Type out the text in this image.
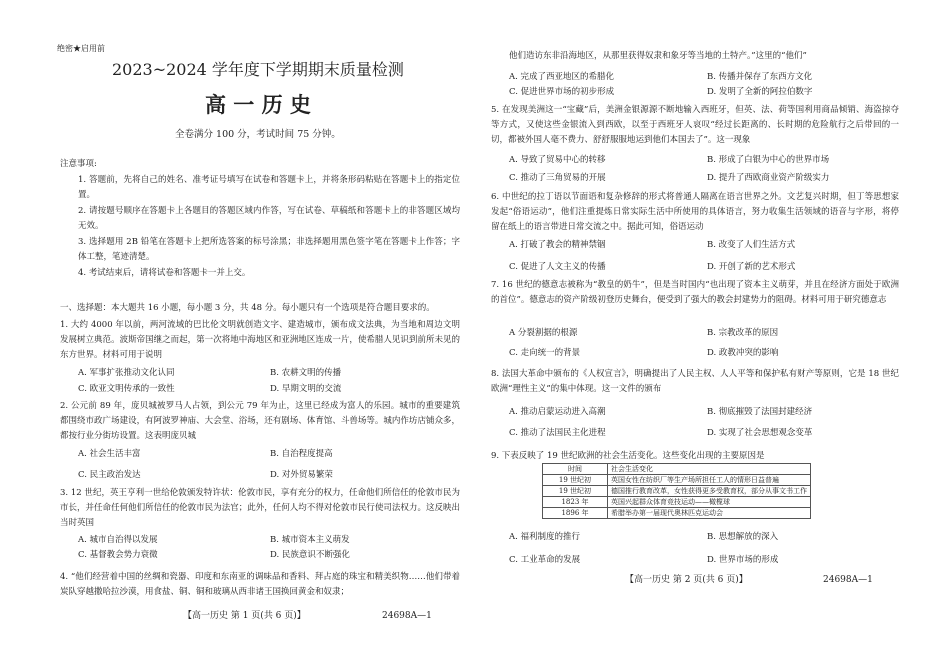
绝密★启用前
2023~2024 学年度下学期期末质量检测
高 一 历 史
全卷满分 100 分，考试时间 75 分钟。
注意事项:
1. 答题前，先将自己的姓名、准考证号填写在试卷和答题卡上，并将条形码粘贴在答题卡上的指定位置。
2. 请按题号顺序在答题卡上各题目的答题区域内作答，写在试卷、草稿纸和答题卡上的非答题区域均无效。
3. 选择题用 2B 铅笔在答题卡上把所选答案的标号涂黑；非选择题用黑色签字笔在答题卡上作答；字体工整，笔迹清楚。
4. 考试结束后，请将试卷和答题卡一并上交。
一、选择题：本大题共 16 小题，每小题 3 分，共 48 分。每小题只有一个选项是符合题目要求的。
1. 大约 4000 年以前，两河流域的巴比伦文明就创造文字、建造城市，颁布成文法典，为当地和周边文明发展树立典范。波斯帝国继之而起，第一次将地中海地区和亚洲地区连成一片，使希腊人见识到前所未见的东方世界。材料可用于说明
A. 军事扩张推动文化认同	B. 农耕文明的传播
C. 欧亚文明传承的一致性	D. 早期文明的交流
2. 公元前 89 年，庞贝城被罗马人占领，到公元 79 年为止，这里已经成为富人的乐园。城市的重要建筑都围绕市政广场建设，有阿波罗神庙、大会堂、浴场，还有剧场、体育馆、斗兽场等。城内作坊店铺众多，都按行业分街坊设置。这表明庞贝城
A. 社会生活丰富	B. 自治程度提高
C. 民主政治发达	D. 对外贸易繁荣
3. 12 世纪，英王亨利一世给伦敦颁发特许状：伦敦市民，享有充分的权力，任命他们所信任的伦敦市民为市长，并任命任何他们所信任的伦敦市民为法官；此外，任何人均不得对伦敦市民行使司法权力。这反映出当时英国
A. 城市自治得以发展	B. 城市资本主义萌发
C. 基督教会势力衰微	D. 民族意识不断强化
4. “他们经营着中国的丝绸和瓷器、印度和东南亚的调味品和香料、拜占庭的珠宝和精美织物……他们带着炭队穿越撒哈拉沙漠，用食盐、铜、铜和玻璃从西非诸王国换回黄金和奴隶；
【高一历史 第 1 页(共 6 页)】	24698A—1
他们造访东非沿海地区，从那里获得奴隶和象牙等当地的土特产。”这里的“他们”
A. 完成了西亚地区的希腊化	B. 传播并保存了东西方文化
C. 促进世界市场的初步形成	D. 发明了全新的阿拉伯数字
5. 在发现美洲这一“宝藏”后，美洲金银源源不断地输入西班牙，但英、法、荷等国利用商品倾销、海盗掠夺等方式，又使这些金银流入到西欧，以至于西班牙人哀叹“经过长距离的、长时期的危险航行之后带回的一切，都被外国人毫不费力、舒舒服服地运到他们本国去了”。这一现象
A. 导致了贸易中心的转移	B. 形成了白银为中心的世界市场
C. 推动了三角贸易的开展	D. 提升了西欧商业资产阶级实力
6. 中世纪的拉丁语以节面语和复杂修辞的形式将普通人隔离在语言世界之外。文艺复兴时期，但丁等思想家发起“俗语运动”，他们注重提炼日常实际生活中所使用的具体语言，努力收集生活领域的语音与字形，将停留在纸上的语言带进日常交流之中。据此可知，俗语运动
A. 打破了教会的精神禁锢	B. 改变了人们生活方式
C. 促进了人文主义的传播	D. 开创了新的艺术形式
7. 16 世纪的德意志被称为“教皇的奶牛”，但是当时国内“也出现了资本主义萌芽，并且在经济方面处于欧洲的首位”。德意志的资产阶级初登历史舞台，便受到了强大的教会封建势力的阻碍。材料可用于研究德意志
A 分裂割据的根源	B. 宗教改革的原因
C. 走向统一的背景	D. 政教冲突的影响
8. 法国大革命中颁布的《人权宣言》，明确提出了人民主权、人人平等和保护私有财产等原则，它是 18 世纪欧洲“理性主义”的集中体现。这一文件的颁布
A. 推动启蒙运动进入高潮	B. 彻底摧毁了法国封建经济
C. 推动了法国民主化进程	D. 实现了社会思想观念变革
9. 下表反映了 19 世纪欧洲的社会生活变化。这些变化出现的主要原因是
时间	社会生活变化
19 世纪初	英国女性在纺织厂等生产场所担任工人的情形日益普遍
19 世纪初	德国推行教育改革，女性获得更多受教育权，部分从事文书工作
1823 年	英国兴起群众体育竞技运动——橄榄球
1896 年	希腊举办第一届现代奥林匹克运动会
A. 福利制度的推行	B. 思想解放的深入
C. 工业革命的发展	D. 世界市场的形成
【高一历史 第 2 页(共 6 页)】	24698A—1
